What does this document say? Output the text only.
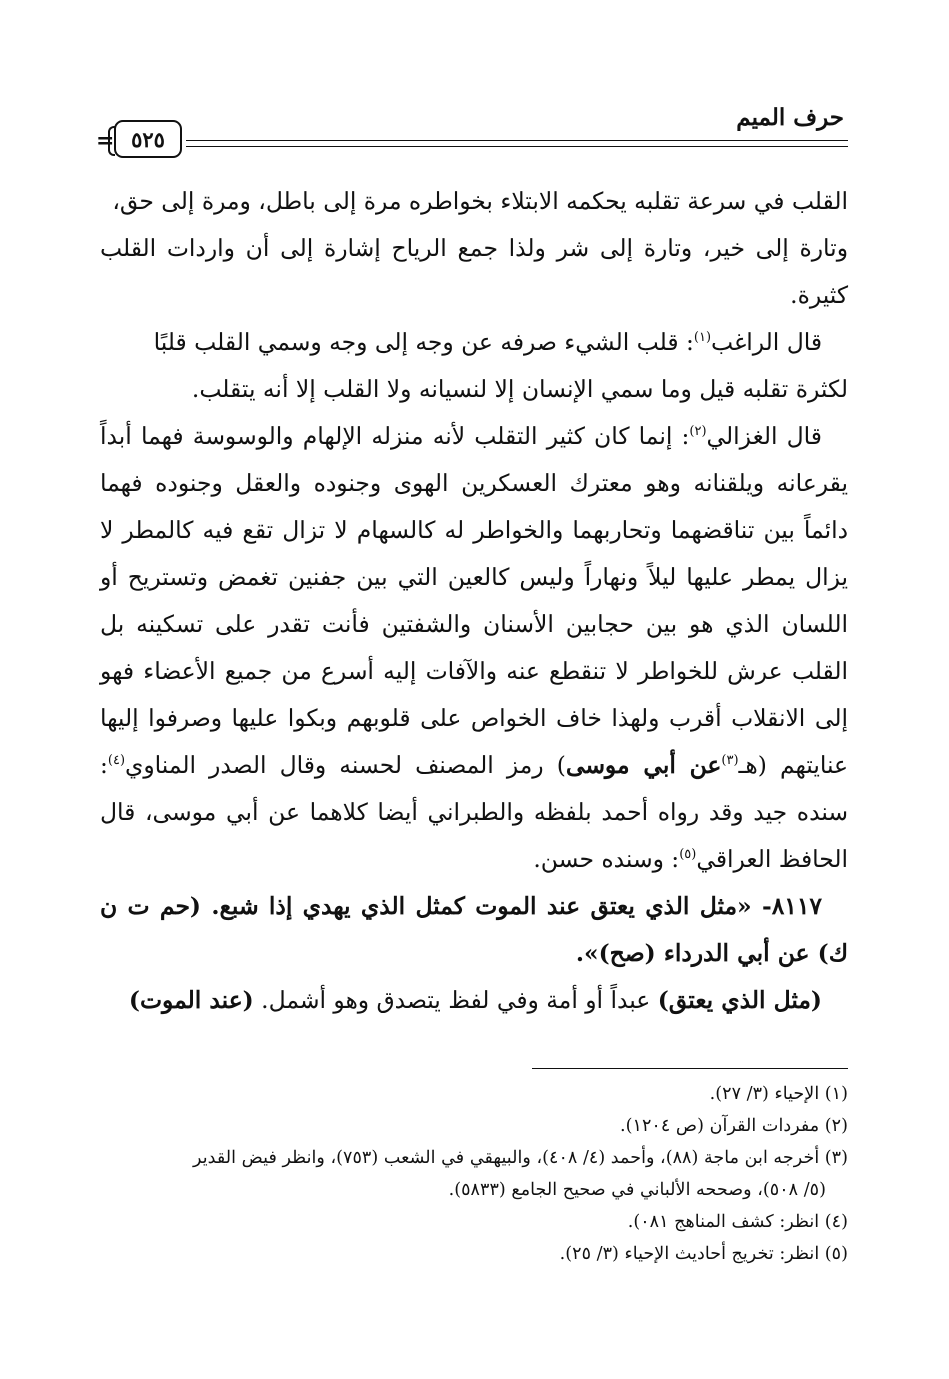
حرف الميم
= ٥٢٥

القلب في سرعة تقلبه يحكمه الابتلاء بخواطره مرة إلى باطل، ومرة إلى حق،
وتارة إلى خير، وتارة إلى شر ولذا جمع الرياح إشارة إلى أن واردات القلب كثيرة.

قال الراغب$^{(١)}$: قلب الشيء صرفه عن وجه إلى وجه وسمي القلب قلبًا
لكثرة تقلبه قيل وما سمي الإنسان إلا لنسيانه ولا القلب إلا أنه يتقلب.

قال الغزالي$^{(٢)}$: إنما كان كثير التقلب لأنه منزله الإلهام والوسوسة فهما أبداً يقرعانه ويلقنانه وهو معترك العسكرين الهوى وجنوده والعقل وجنوده فهما دائماً بين تناقضهما وتحاربهما والخواطر له كالسهام لا تزال تقع فيه كالمطر لا يزال يمطر عليها ليلاً ونهاراً وليس كالعين التي بين جفنين تغمض وتستريح أو اللسان الذي هو بين حجابين الأسنان والشفتين فأنت تقدر على تسكينه بل القلب عرش للخواطر لا تنقطع عنه والآفات إليه أسرع من جميع الأعضاء فهو إلى الانقلاب أقرب ولهذا خاف الخواص على قلوبهم وبكوا عليها وصرفوا إليها عنايتهم (هـ$^{(٣)}$عن أبي موسى) رمز المصنف لحسنه وقال الصدر المناوي$^{(٤)}$: سنده جيد وقد رواه أحمد بلفظه والطبراني أيضا كلاهما عن أبي موسى، قال الحافظ العراقي$^{(٥)}$: وسنده حسن.

٨١١٧- «مثل الذي يعتق عند الموت كمثل الذي يهدي إذا شبع. (حم ت ن ك) عن أبي الدرداء (صح)».

(مثل الذي يعتق) عبداً أو أمة وفي لفظ يتصدق وهو أشمل. (عند الموت)

(١) الإحياء (٣/ ٢٧).

(٢) مفردات القرآن (ص ١٢٠٤).

(٣) أخرجه ابن ماجة (٨٨)، وأحمد (٤/ ٤٠٨)، والبيهقي في الشعب (٧٥٣)، وانظر فيض القدير

(٥/ ٥٠٨)، وصححه الألباني في صحيح الجامع (٥٨٣٣).

(٤) انظر: كشف المناهج ٠٨١).

(٥) انظر: تخريج أحاديث الإحياء (٣/ ٢٥).
